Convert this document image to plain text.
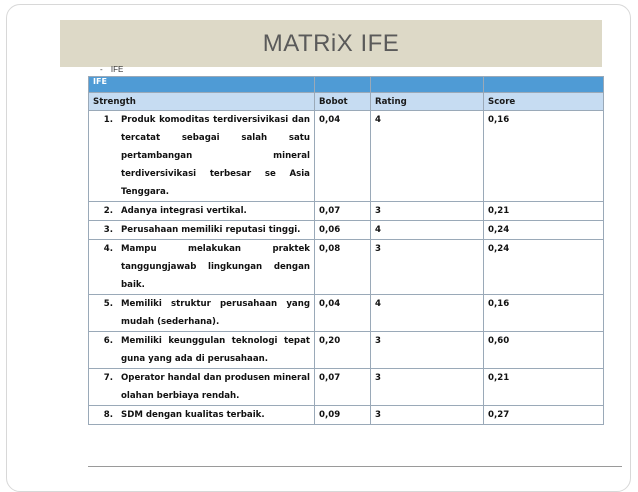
MATRiX IFE
- IFE
IFE			
Strength	Bobot	Rating	Score

1. Produk komoditas terdiversivikasi dan tercatat sebagai salah satu pertambangan mineral terdiversivikasi terbesar se Asia Tenggara.	0,04	4	0,16

2. Adanya integrasi vertikal.	0,07	3	0,21

3. Perusahaan memiliki reputasi tinggi.	0,06	4	0,24

4. Mampu melakukan praktek tanggungjawab lingkungan dengan baik.	0,08	3	0,24

5. Memiliki struktur perusahaan yang mudah (sederhana).	0,04	4	0,16

6. Memiliki keunggulan teknologi tepat guna yang ada di perusahaan.	0,20	3	0,60

7. Operator handal dan produsen mineral olahan berbiaya rendah.	0,07	3	0,21

8. SDM dengan kualitas terbaik.	0,09	3	0,27
